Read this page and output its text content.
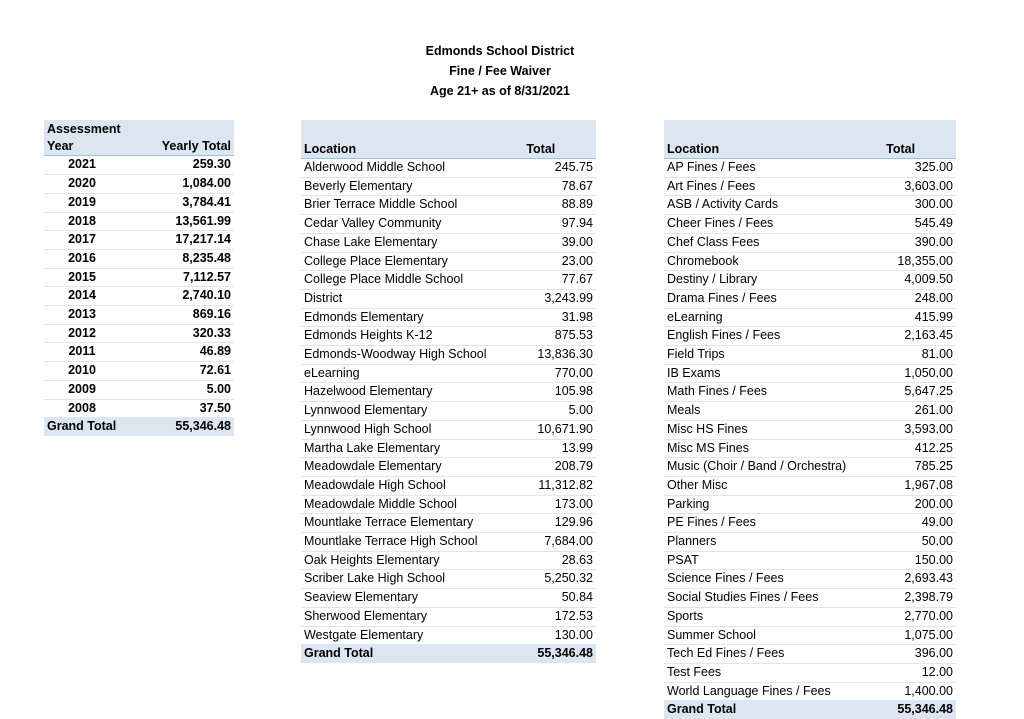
Edmonds School District
Fine / Fee Waiver
Age 21+ as of 8/31/2021
Assessment	
Year	Yearly Total
2021	259.30
2020	1,084.00
2019	3,784.41
2018	13,561.99
2017	17,217.14
2016	8,235.48
2015	7,112.57
2014	2,740.10
2013	869.16
2012	320.33
2011	46.89
2010	72.61
2009	5.00
2008	37.50
Grand Total	55,346.48
Location	Total
Alderwood Middle School	245.75
Beverly Elementary	78.67
Brier Terrace Middle School	88.89
Cedar Valley Community	97.94
Chase Lake Elementary	39.00
College Place Elementary	23.00
College Place Middle School	77.67
District	3,243.99
Edmonds Elementary	31.98
Edmonds Heights K-12	875.53
Edmonds-Woodway High School	13,836.30
eLearning	770.00
Hazelwood Elementary	105.98
Lynnwood Elementary	5.00
Lynnwood High School	10,671.90
Martha Lake Elementary	13.99
Meadowdale Elementary	208.79
Meadowdale High School	11,312.82
Meadowdale Middle School	173.00
Mountlake Terrace Elementary	129.96
Mountlake Terrace High School	7,684.00
Oak Heights Elementary	28.63
Scriber Lake High School	5,250.32
Seaview Elementary	50.84
Sherwood Elementary	172.53
Westgate Elementary	130.00
Grand Total	55,346.48
Location	Total
AP Fines / Fees	325.00
Art Fines / Fees	3,603.00
ASB / Activity Cards	300.00
Cheer Fines / Fees	545.49
Chef Class Fees	390.00
Chromebook	18,355.00
Destiny / Library	4,009.50
Drama Fines / Fees	248.00
eLearning	415.99
English Fines / Fees	2,163.45
Field Trips	81.00
IB Exams	1,050.00
Math Fines / Fees	5,647.25
Meals	261.00
Misc HS Fines	3,593.00
Misc MS Fines	412.25
Music (Choir / Band / Orchestra)	785.25
Other Misc	1,967.08
Parking	200.00
PE Fines / Fees	49.00
Planners	50.00
PSAT	150.00
Science Fines / Fees	2,693.43
Social Studies Fines / Fees	2,398.79
Sports	2,770.00
Summer School	1,075.00
Tech Ed Fines / Fees	396.00
Test Fees	12.00
World Language Fines / Fees	1,400.00
Grand Total	55,346.48
